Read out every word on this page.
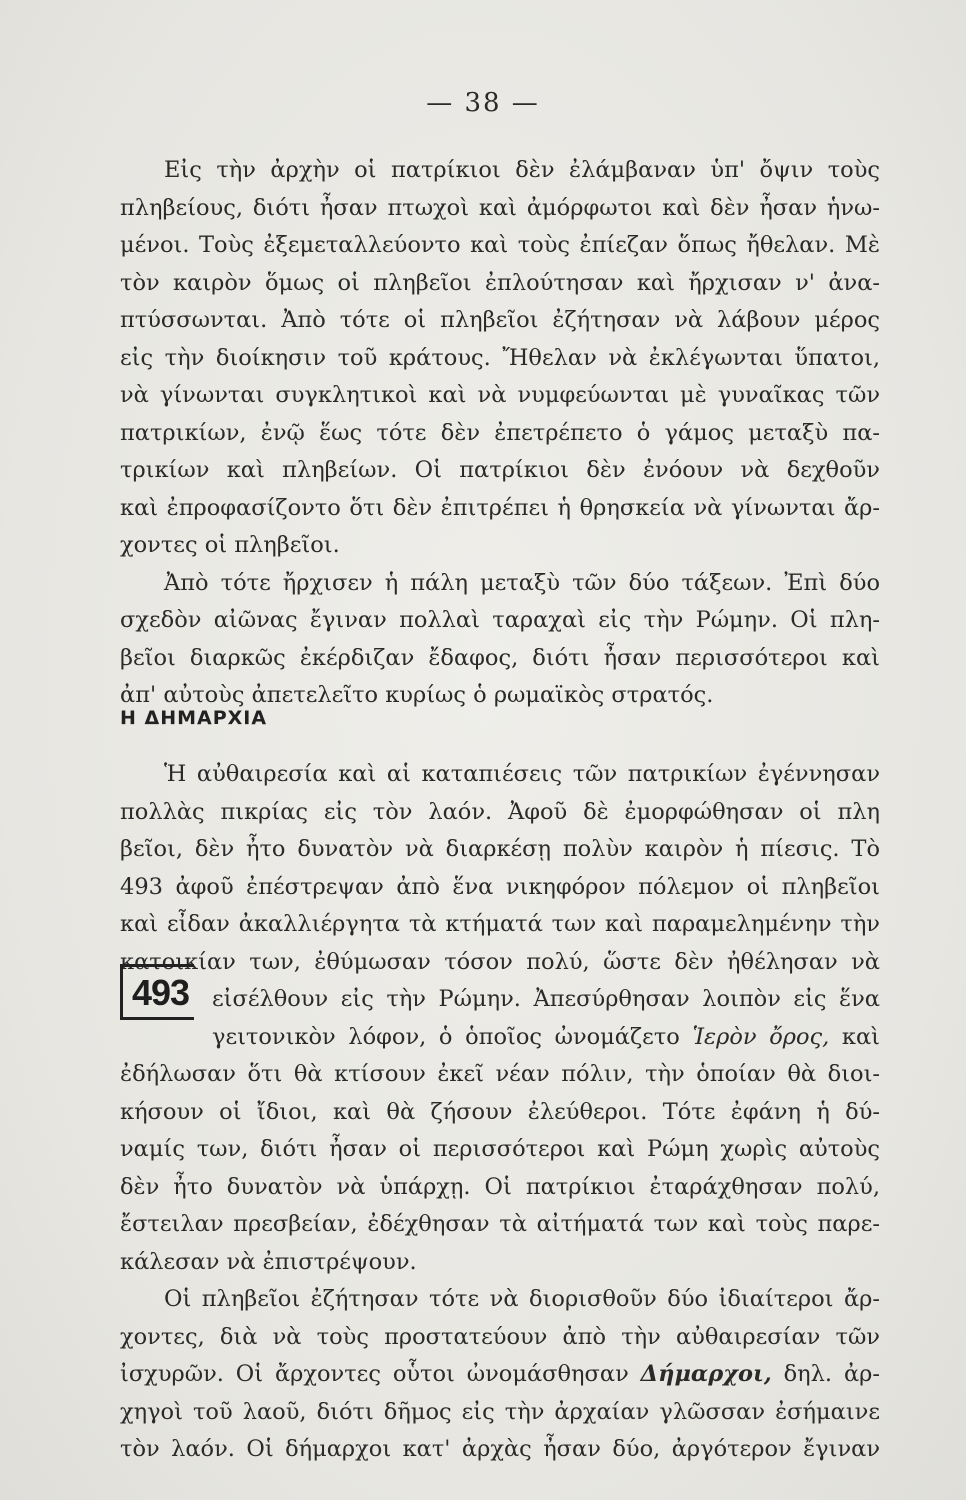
— 38 —
Εἰς τὴν ἀρχὴν οἱ πατρίκιοι δὲν ἐλάμβαναν ὑπ' ὄψιν τοὺς
πληβείους, διότι ἦσαν πτωχοὶ καὶ ἀμόρφωτοι καὶ δὲν ἦσαν ἡνω-
μένοι. Τοὺς ἐξεμεταλλεύοντο καὶ τοὺς ἐπίεζαν ὅπως ἤθελαν. Μὲ
τὸν καιρὸν ὅμως οἱ πληβεῖοι ἐπλούτησαν καὶ ἤρχισαν ν' ἀνα-
πτύσσωνται. Ἀπὸ τότε οἱ πληβεῖοι ἐζήτησαν νὰ λάβουν μέρος
εἰς τὴν διοίκησιν τοῦ κράτους. Ἤθελαν νὰ ἐκλέγωνται ὕπατοι,
νὰ γίνωνται συγκλητικοὶ καὶ νὰ νυμφεύωνται μὲ γυναῖκας τῶν
πατρικίων, ἐνῷ ἕως τότε δὲν ἐπετρέπετο ὁ γάμος μεταξὺ πα-
τρικίων καὶ πληβείων. Οἱ πατρίκιοι δὲν ἐνόουν νὰ δεχθοῦν
καὶ ἐπροφασίζοντο ὅτι δὲν ἐπιτρέπει ἡ θρησκεία νὰ γίνωνται ἄρ-
χοντες οἱ πληβεῖοι.
Ἀπὸ τότε ἤρχισεν ἡ πάλη μεταξὺ τῶν δύο τάξεων. Ἐπὶ δύο
σχεδὸν αἰῶνας ἔγιναν πολλαὶ ταραχαὶ εἰς τὴν Ρώμην. Οἱ πλη-
βεῖοι διαρκῶς ἐκέρδιζαν ἔδαφος, διότι ἦσαν περισσότεροι καὶ
ἀπ' αὐτοὺς ἀπετελεῖτο κυρίως ὁ ρωμαϊκὸς στρατός.
Η ΔΗΜΑΡΧΙΑ
Ἡ αὐθαιρεσία καὶ αἱ καταπιέσεις τῶν πατρικίων ἐγέννησαν
πολλὰς πικρίας εἰς τὸν λαόν. Ἀφοῦ δὲ ἐμορφώθησαν οἱ πλη
βεῖοι, δὲν ἦτο δυνατὸν νὰ διαρκέσῃ πολὺν καιρὸν ἡ πίεσις. Τὸ
493 ἀφοῦ ἐπέστρεψαν ἀπὸ ἕνα νικηφόρον πόλεμον οἱ πληβεῖοι
καὶ εἶδαν ἀκαλλιέργητα τὰ κτήματά των καὶ παραμελημένην τὴν
κατοικίαν των, ἐθύμωσαν τόσον πολύ, ὥστε δὲν ἠθέλησαν νὰ
493 εἰσέλθουν εἰς τὴν Ρώμην. Ἀπεσύρθησαν λοιπὸν εἰς ἕνα
γειτονικὸν λόφον, ὁ ὁποῖος ὠνομάζετο Ἱερὸν ὄρος, καὶ
ἐδήλωσαν ὅτι θὰ κτίσουν ἐκεῖ νέαν πόλιν, τὴν ὁποίαν θὰ διοι-
κήσουν οἱ ἴδιοι, καὶ θὰ ζήσουν ἐλεύθεροι. Τότε ἐφάνη ἡ δύ-
ναμίς των, διότι ἦσαν οἱ περισσότεροι καὶ Ρώμη χωρὶς αὐτοὺς
δὲν ἦτο δυνατὸν νὰ ὑπάρχῃ. Οἱ πατρίκιοι ἐταράχθησαν πολύ,
ἔστειλαν πρεσβείαν, ἐδέχθησαν τὰ αἰτήματά των καὶ τοὺς παρε-
κάλεσαν νὰ ἐπιστρέψουν.
Οἱ πληβεῖοι ἐζήτησαν τότε νὰ διορισθοῦν δύο ἰδιαίτεροι ἄρ-
χοντες, διὰ νὰ τοὺς προστατεύουν ἀπὸ τὴν αὐθαιρεσίαν τῶν
ἰσχυρῶν. Οἱ ἄρχοντες οὗτοι ὠνομάσθησαν Δήμαρχοι, δηλ. ἀρ-
χηγοὶ τοῦ λαοῦ, διότι δῆμος εἰς τὴν ἀρχαίαν γλῶσσαν ἐσήμαινε
τὸν λαόν. Οἱ δήμαρχοι κατ' ἀρχὰς ἦσαν δύο, ἀργότερον ἔγιναν
